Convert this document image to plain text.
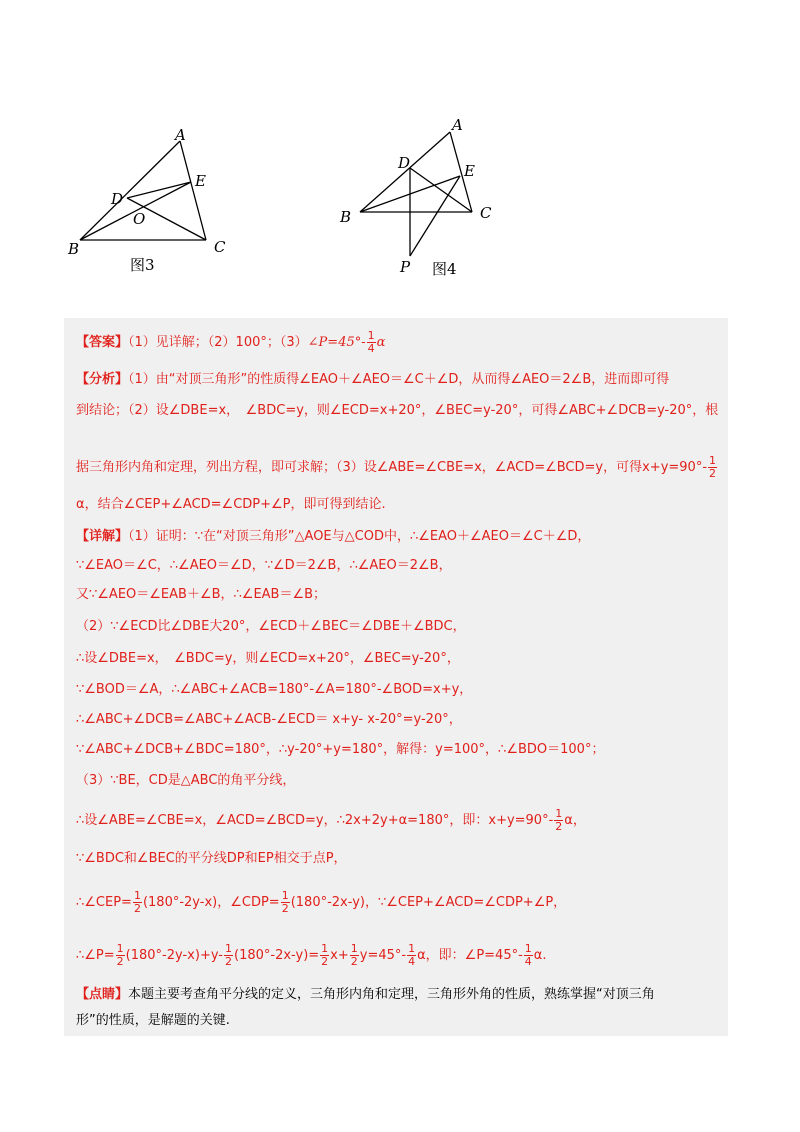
A
B	C
D
E
O
图3
A
B	C
D	E
P 图4
【答案】（1）见详解；（2）100°；（3）∠P=45°- $\frac{1}{4}$ α
【分析】（1）由“对顶三角形”的性质得∠EAO＋∠AEO＝∠C＋∠D，从而得∠AEO＝2∠B，进而即可得
到结论；（2）设∠DBE=x，　∠BDC=y，则∠ECD=x+20°，∠BEC=y-20°，可得∠ABC+∠DCB=y-20°，根
据三角形内角和定理，列出方程，即可求解；（3）设∠ABE=∠CBE=x，∠ACD=∠BCD=y，可得$x+y=90^\circ- \frac{1}{2}$
α，结合∠CEP+∠ACD=∠CDP+∠P，即可得到结论.
【详解】（1）证明：∵在“对顶三角形”△AOE与△COD中，∴∠EAO＋∠AEO＝∠C＋∠D，
∵∠EAO＝∠C，∴∠AEO＝∠D，∵∠D＝2∠B，∴∠AEO＝2∠B，
又∵∠AEO＝∠EAB＋∠B，∴∠EAB＝∠B；
（2）∵∠ECD比∠DBE大20°，∠ECD＋∠BEC＝∠DBE＋∠BDC，
∴设∠DBE=x，　∠BDC=y，则∠ECD=x+20°，∠BEC=y-20°，
∵∠BOD＝∠A，∴∠ABC+∠ACB=180°-∠A=180°-∠BOD=x+y，
∴∠ABC+∠DCB=∠ABC+∠ACB-∠ECD＝ x+y- x-20°=y-20°，
∵∠ABC+∠DCB+∠BDC=180°，∴y-20°+y=180°，解得：y=100°，∴∠BDO＝100°；
（3）∵BE，CD是△ABC的角平分线，
∴设∠ABE=∠CBE=x，∠ACD=∠BCD=y，∴2x+2y+α=180°，即：$x+y=90^\circ- \frac{1}{2}$ α，
∵∠BDC和∠BEC的平分线DP和EP相交于点P，
∴∠CEP= $\frac{1}{2} (180^\circ-2y-x)$，∠CDP= $\frac{1}{2} (180^\circ-2x-y)$，∵∠CEP+∠ACD=∠CDP+∠P，
∴∠P= $\frac{1}{2} (180^\circ-2y-x)+y- \frac{1}{2} (180^\circ-2x-y)= \frac{1}{2} x+ \frac{1}{2} y=45^\circ- \frac{1}{4}$ α，即：∠P=45°- $\frac{1}{4} \alpha$.
【点睛】本题主要考查角平分线的定义，三角形内角和定理，三角形外角的性质，熟练掌握“对顶三角
形”的性质，是解题的关键.
